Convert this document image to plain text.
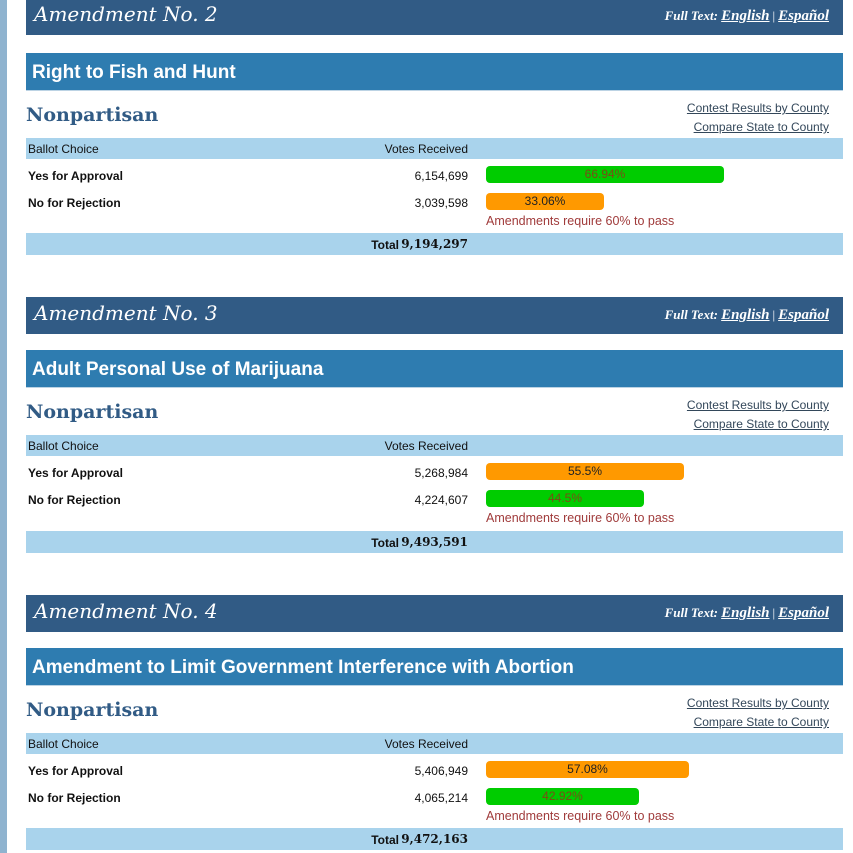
Amendment No. 2	Full Text: English | Español
Right to Fish and Hunt
Nonpartisan	Contest Results by County
Compare State to County
Ballot Choice	Votes Received
Yes for Approval	6,154,699	66.94%
No for Rejection	3,039,598	33.06%
Amendments require 60% to pass
Total 9,194,297
Amendment No. 3	Full Text: English | Español
Adult Personal Use of Marijuana
Nonpartisan	Contest Results by County
Compare State to County
Ballot Choice	Votes Received
Yes for Approval	5,268,984	55.5%
No for Rejection	4,224,607	44.5%
Amendments require 60% to pass
Total 9,493,591
Amendment No. 4	Full Text: English | Español
Amendment to Limit Government Interference with Abortion
Nonpartisan	Contest Results by County
Compare State to County
Ballot Choice	Votes Received
Yes for Approval	5,406,949	57.08%
No for Rejection	4,065,214	42.92%
Amendments require 60% to pass
Total 9,472,163
